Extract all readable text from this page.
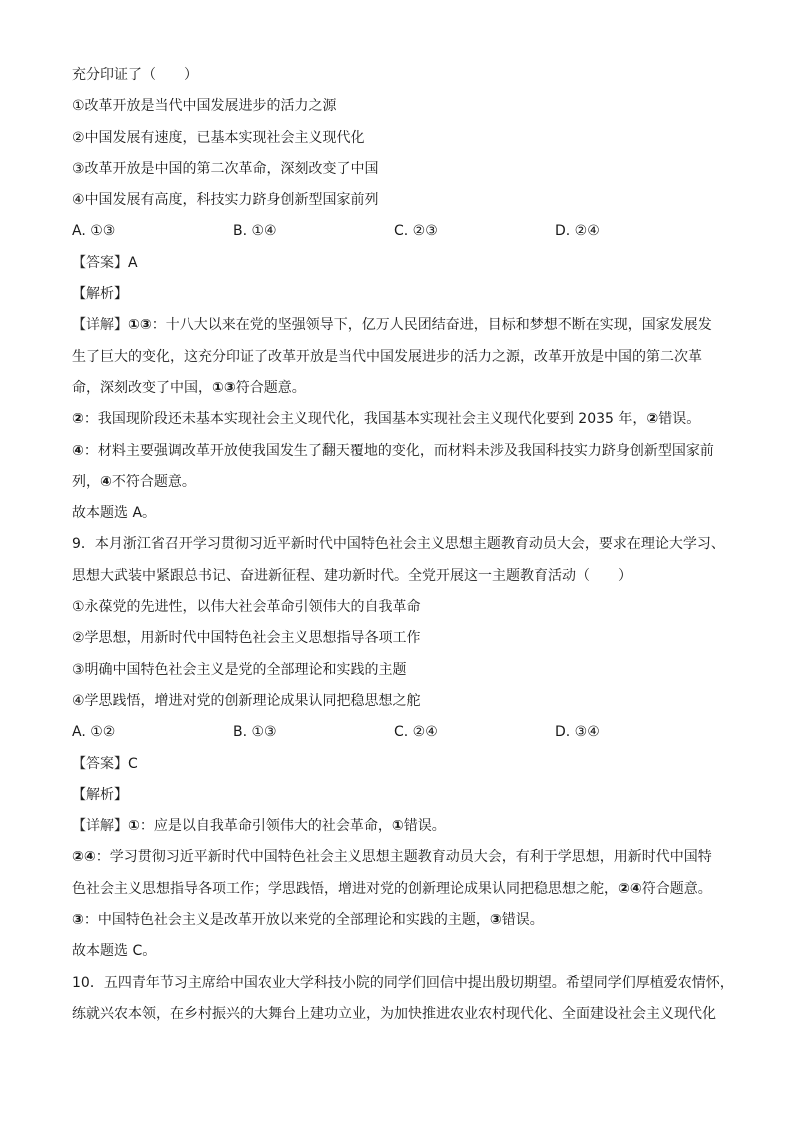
充分印证了（　　）
①改革开放是当代中国发展进步的活力之源
②中国发展有速度，已基本实现社会主义现代化
③改革开放是中国的第二次革命，深刻改变了中国
④中国发展有高度，科技实力跻身创新型国家前列
A. ①③	B. ①④	C. ②③	D. ②④
【答案】A
【解析】
【详解】①③：十八大以来在党的坚强领导下，亿万人民团结奋进，目标和梦想不断在实现，国家发展发
生了巨大的变化，这充分印证了改革开放是当代中国发展进步的活力之源，改革开放是中国的第二次革
命，深刻改变了中国，①③符合题意。
②：我国现阶段还未基本实现社会主义现代化，我国基本实现社会主义现代化要到 2035 年，②错误。
④：材料主要强调改革开放使我国发生了翻天覆地的变化，而材料未涉及我国科技实力跻身创新型国家前
列，④不符合题意。
故本题选 A。
9．本月浙江省召开学习贯彻习近平新时代中国特色社会主义思想主题教育动员大会，要求在理论大学习、
思想大武装中紧跟总书记、奋进新征程、建功新时代。全党开展这一主题教育活动（　　）
①永葆党的先进性，以伟大社会革命引领伟大的自我革命
②学思想，用新时代中国特色社会主义思想指导各项工作
③明确中国特色社会主义是党的全部理论和实践的主题
④学思践悟，增进对党的创新理论成果认同把稳思想之舵
A. ①②	B. ①③	C. ②④	D. ③④
【答案】C
【解析】
【详解】①：应是以自我革命引领伟大的社会革命，①错误。
②④：学习贯彻习近平新时代中国特色社会主义思想主题教育动员大会，有利于学思想，用新时代中国特
色社会主义思想指导各项工作；学思践悟，增进对党的创新理论成果认同把稳思想之舵，②④符合题意。
③：中国特色社会主义是改革开放以来党的全部理论和实践的主题，③错误。
故本题选 C。
10．五四青年节习主席给中国农业大学科技小院的同学们回信中提出殷切期望。希望同学们厚植爱农情怀，
练就兴农本领，在乡村振兴的大舞台上建功立业，为加快推进农业农村现代化、全面建设社会主义现代化
